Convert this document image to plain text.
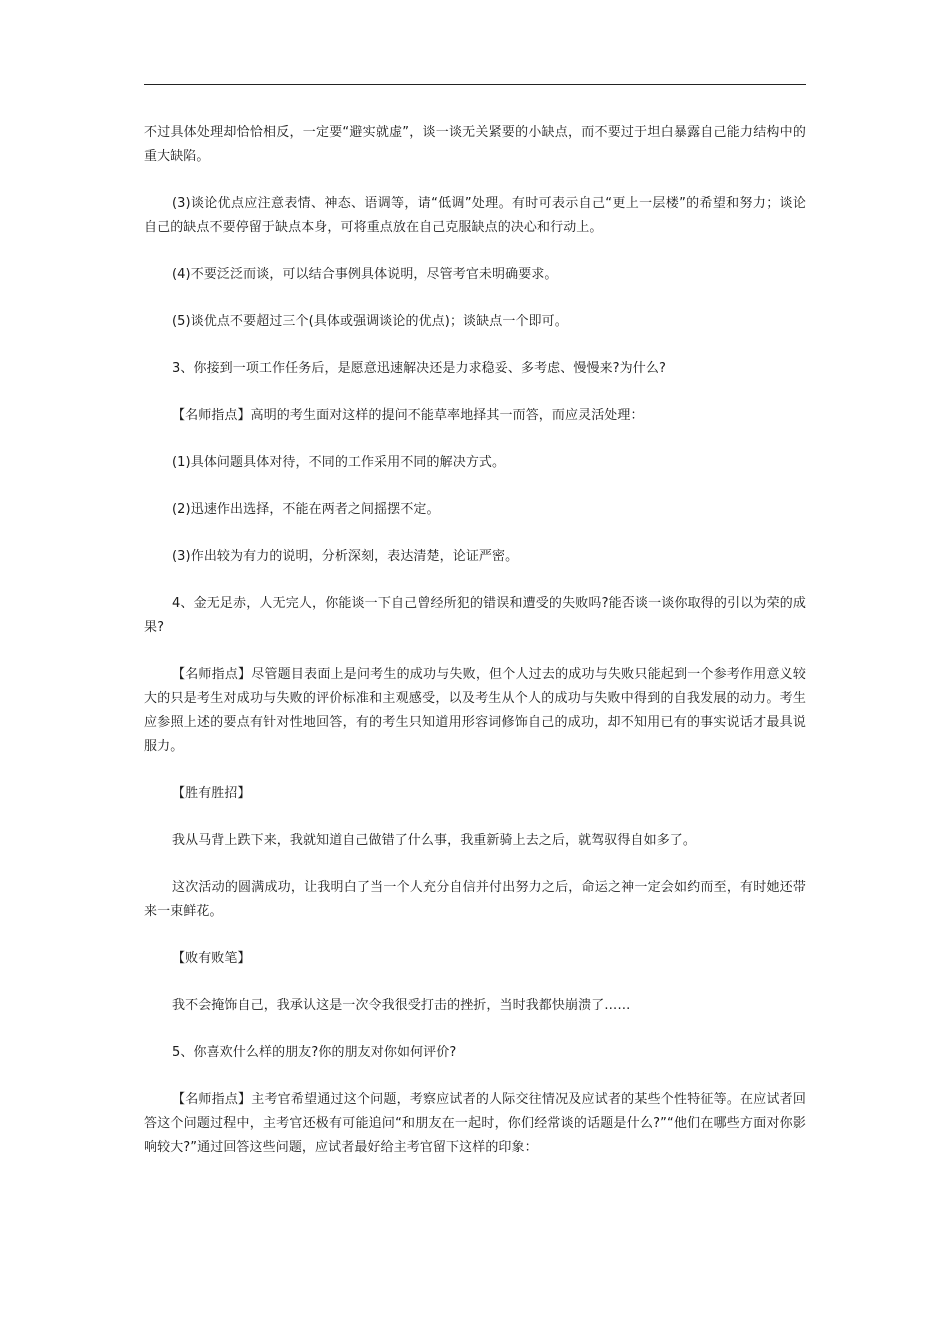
不过具体处理却恰恰相反，一定要“避实就虚”，谈一谈无关紧要的小缺点，而不要过于坦白暴露自己能力结构中的重大缺陷。

(3)谈论优点应注意表情、神态、语调等，请“低调”处理。有时可表示自己“更上一层楼”的希望和努力；谈论自己的缺点不要停留于缺点本身，可将重点放在自己克服缺点的决心和行动上。

(4)不要泛泛而谈，可以结合事例具体说明，尽管考官未明确要求。

(5)谈优点不要超过三个(具体或强调谈论的优点)；谈缺点一个即可。

3、你接到一项工作任务后，是愿意迅速解决还是力求稳妥、多考虑、慢慢来?为什么?

【名师指点】高明的考生面对这样的提问不能草率地择其一而答，而应灵活处理：

(1)具体问题具体对待，不同的工作采用不同的解决方式。

(2)迅速作出选择，不能在两者之间摇摆不定。

(3)作出较为有力的说明，分析深刻，表达清楚，论证严密。

4、金无足赤，人无完人，你能谈一下自己曾经所犯的错误和遭受的失败吗?能否谈一谈你取得的引以为荣的成果?

【名师指点】尽管题目表面上是问考生的成功与失败，但个人过去的成功与失败只能起到一个参考作用意义较大的只是考生对成功与失败的评价标准和主观感受，以及考生从个人的成功与失败中得到的自我发展的动力。考生应参照上述的要点有针对性地回答，有的考生只知道用形容词修饰自己的成功，却不知用已有的事实说话才最具说服力。

【胜有胜招】

我从马背上跌下来，我就知道自己做错了什么事，我重新骑上去之后，就驾驭得自如多了。

这次活动的圆满成功，让我明白了当一个人充分自信并付出努力之后，命运之神一定会如约而至，有时她还带来一束鲜花。

【败有败笔】

我不会掩饰自己，我承认这是一次令我很受打击的挫折，当时我都快崩溃了……

5、你喜欢什么样的朋友?你的朋友对你如何评价?

【名师指点】主考官希望通过这个问题，考察应试者的人际交往情况及应试者的某些个性特征等。在应试者回答这个问题过程中，主考官还极有可能追问“和朋友在一起时，你们经常谈的话题是什么?”“他们在哪些方面对你影响较大?”通过回答这些问题，应试者最好给主考官留下这样的印象：
